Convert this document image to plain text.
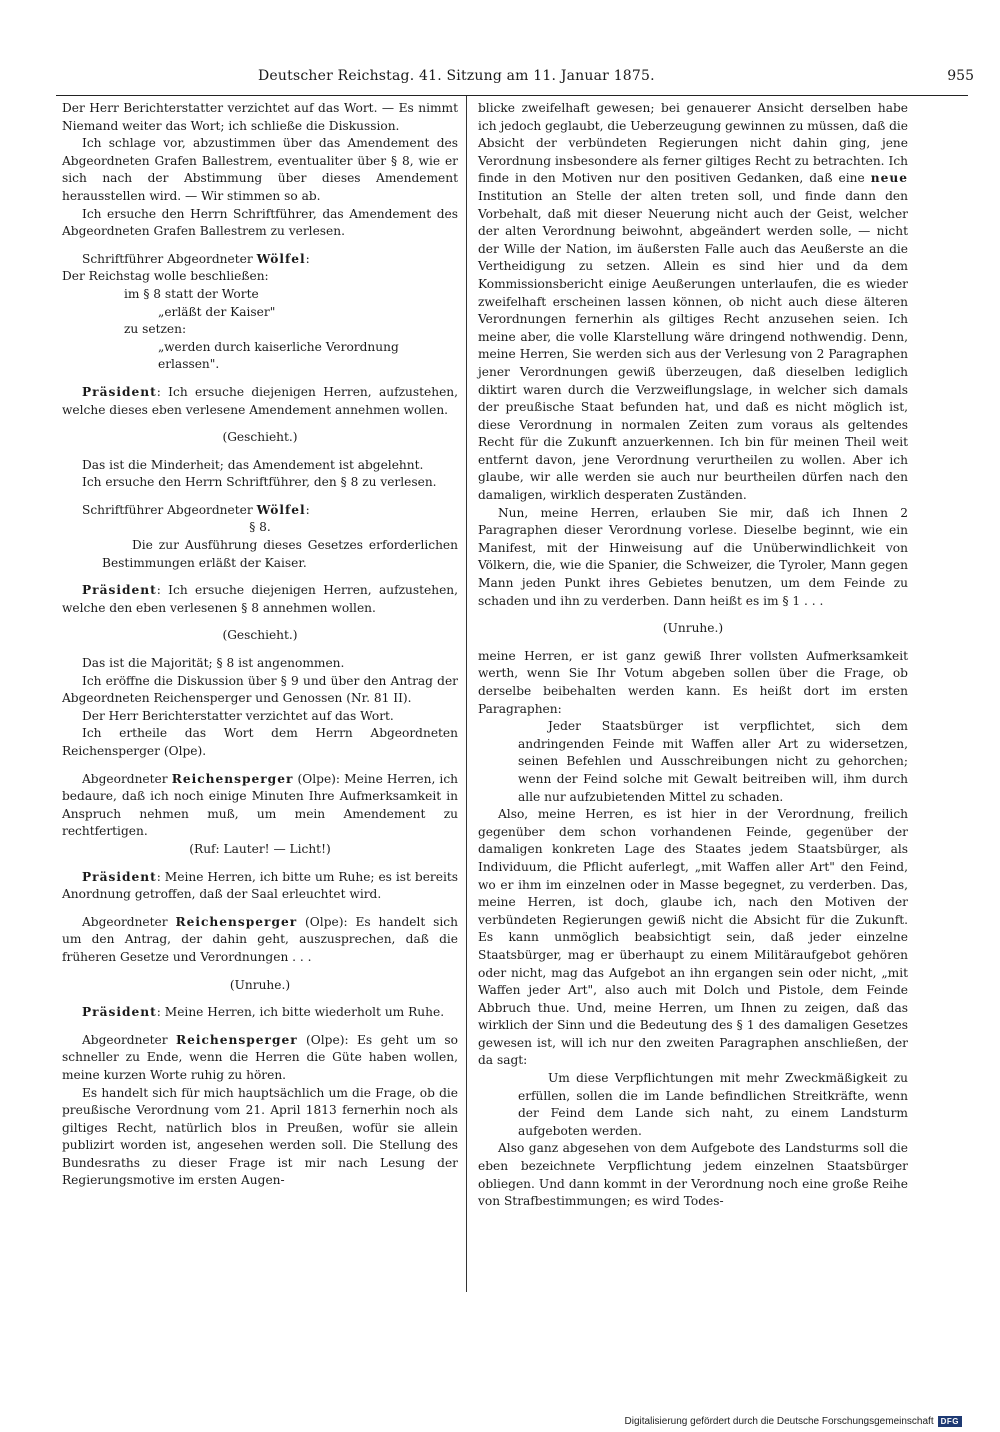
Deutscher Reichstag. 41. Sitzung am 11. Januar 1875.	955

Der Herr Berichterstatter verzichtet auf das Wort. — Es nimmt Niemand weiter das Wort; ich schließe die Diskussion.

Ich schlage vor, abzustimmen über das Amendement des Abgeordneten Grafen Ballestrem, eventualiter über § 8, wie er sich nach der Abstimmung über dieses Amendement herausstellen wird. — Wir stimmen so ab.

Ich ersuche den Herrn Schriftführer, das Amendement des Abgeordneten Grafen Ballestrem zu verlesen.

Schriftführer Abgeordneter Wölfel:

Der Reichstag wolle beschließen:

im § 8 statt der Worte

„erläßt der Kaiser"

zu setzen:

„werden durch kaiserliche Verordnung erlassen".

Präsident: Ich ersuche diejenigen Herren, aufzustehen, welche dieses eben verlesene Amendement annehmen wollen.

(Geschieht.)

Das ist die Minderheit; das Amendement ist abgelehnt.

Ich ersuche den Herrn Schriftführer, den § 8 zu verlesen.

Schriftführer Abgeordneter Wölfel:

§ 8.

Die zur Ausführung dieses Gesetzes erforderlichen Bestimmungen erläßt der Kaiser.

Präsident: Ich ersuche diejenigen Herren, aufzustehen, welche den eben verlesenen § 8 annehmen wollen.

(Geschieht.)

Das ist die Majorität; § 8 ist angenommen.

Ich eröffne die Diskussion über § 9 und über den Antrag der Abgeordneten Reichensperger und Genossen (Nr. 81 II).

Der Herr Berichterstatter verzichtet auf das Wort.

Ich ertheile das Wort dem Herrn Abgeordneten Reichensperger (Olpe).

Abgeordneter Reichensperger (Olpe): Meine Herren, ich bedaure, daß ich noch einige Minuten Ihre Aufmerksamkeit in Anspruch nehmen muß, um mein Amendement zu rechtfertigen.

(Ruf: Lauter! — Licht!)

Präsident: Meine Herren, ich bitte um Ruhe; es ist bereits Anordnung getroffen, daß der Saal erleuchtet wird.

Abgeordneter Reichensperger (Olpe): Es handelt sich um den Antrag, der dahin geht, auszusprechen, daß die früheren Gesetze und Verordnungen . . .

(Unruhe.)

Präsident: Meine Herren, ich bitte wiederholt um Ruhe.

Abgeordneter Reichensperger (Olpe): Es geht um so schneller zu Ende, wenn die Herren die Güte haben wollen, meine kurzen Worte ruhig zu hören.

Es handelt sich für mich hauptsächlich um die Frage, ob die preußische Verordnung vom 21. April 1813 fernerhin noch als giltiges Recht, natürlich blos in Preußen, wofür sie allein publizirt worden ist, angesehen werden soll. Die Stellung des Bundesraths zu dieser Frage ist mir nach Lesung der Regierungsmotive im ersten Augen-

blicke zweifelhaft gewesen; bei genauerer Ansicht derselben habe ich jedoch geglaubt, die Ueberzeugung gewinnen zu müssen, daß die Absicht der verbündeten Regierungen nicht dahin ging, jene Verordnung insbesondere als ferner giltiges Recht zu betrachten. Ich finde in den Motiven nur den positiven Gedanken, daß eine neue Institution an Stelle der alten treten soll, und finde dann den Vorbehalt, daß mit dieser Neuerung nicht auch der Geist, welcher der alten Verordnung beiwohnt, abgeändert werden solle, — nicht der Wille der Nation, im äußersten Falle auch das Aeußerste an die Vertheidigung zu setzen. Allein es sind hier und da dem Kommissionsbericht einige Aeußerungen unterlaufen, die es wieder zweifelhaft erscheinen lassen können, ob nicht auch diese älteren Verordnungen fernerhin als giltiges Recht anzusehen seien. Ich meine aber, die volle Klarstellung wäre dringend nothwendig. Denn, meine Herren, Sie werden sich aus der Verlesung von 2 Paragraphen jener Verordnungen gewiß überzeugen, daß dieselben lediglich diktirt waren durch die Verzweiflungslage, in welcher sich damals der preußische Staat befunden hat, und daß es nicht möglich ist, diese Verordnung in normalen Zeiten zum voraus als geltendes Recht für die Zukunft anzuerkennen. Ich bin für meinen Theil weit entfernt davon, jene Verordnung verurtheilen zu wollen. Aber ich glaube, wir alle werden sie auch nur beurtheilen dürfen nach den damaligen, wirklich desperaten Zuständen.

Nun, meine Herren, erlauben Sie mir, daß ich Ihnen 2 Paragraphen dieser Verordnung vorlese. Dieselbe beginnt, wie ein Manifest, mit der Hinweisung auf die Unüberwindlichkeit von Völkern, die, wie die Spanier, die Schweizer, die Tyroler, Mann gegen Mann jeden Punkt ihres Gebietes benutzen, um dem Feinde zu schaden und ihn zu verderben. Dann heißt es im § 1 . . .

(Unruhe.)

meine Herren, er ist ganz gewiß Ihrer vollsten Aufmerksamkeit werth, wenn Sie Ihr Votum abgeben sollen über die Frage, ob derselbe beibehalten werden kann. Es heißt dort im ersten Paragraphen:

Jeder Staatsbürger ist verpflichtet, sich dem andringenden Feinde mit Waffen aller Art zu widersetzen, seinen Befehlen und Ausschreibungen nicht zu gehorchen; wenn der Feind solche mit Gewalt beitreiben will, ihm durch alle nur aufzubietenden Mittel zu schaden.

Also, meine Herren, es ist hier in der Verordnung, freilich gegenüber dem schon vorhandenen Feinde, gegenüber der damaligen konkreten Lage des Staates jedem Staatsbürger, als Individuum, die Pflicht auferlegt, „mit Waffen aller Art" den Feind, wo er ihm im einzelnen oder in Masse begegnet, zu verderben. Das, meine Herren, ist doch, glaube ich, nach den Motiven der verbündeten Regierungen gewiß nicht die Absicht für die Zukunft. Es kann unmöglich beabsichtigt sein, daß jeder einzelne Staatsbürger, mag er überhaupt zu einem Militäraufgebot gehören oder nicht, mag das Aufgebot an ihn ergangen sein oder nicht, „mit Waffen jeder Art", also auch mit Dolch und Pistole, dem Feinde Abbruch thue. Und, meine Herren, um Ihnen zu zeigen, daß das wirklich der Sinn und die Bedeutung des § 1 des damaligen Gesetzes gewesen ist, will ich nur den zweiten Paragraphen anschließen, der da sagt:

Um diese Verpflichtungen mit mehr Zweckmäßigkeit zu erfüllen, sollen die im Lande befindlichen Streitkräfte, wenn der Feind dem Lande sich naht, zu einem Landsturm aufgeboten werden.

Also ganz abgesehen von dem Aufgebote des Landsturms soll die eben bezeichnete Verpflichtung jedem einzelnen Staatsbürger obliegen. Und dann kommt in der Verordnung noch eine große Reihe von Strafbestimmungen; es wird Todes-

Digitalisierung gefördert durch die Deutsche Forschungsgemeinschaft DFG
